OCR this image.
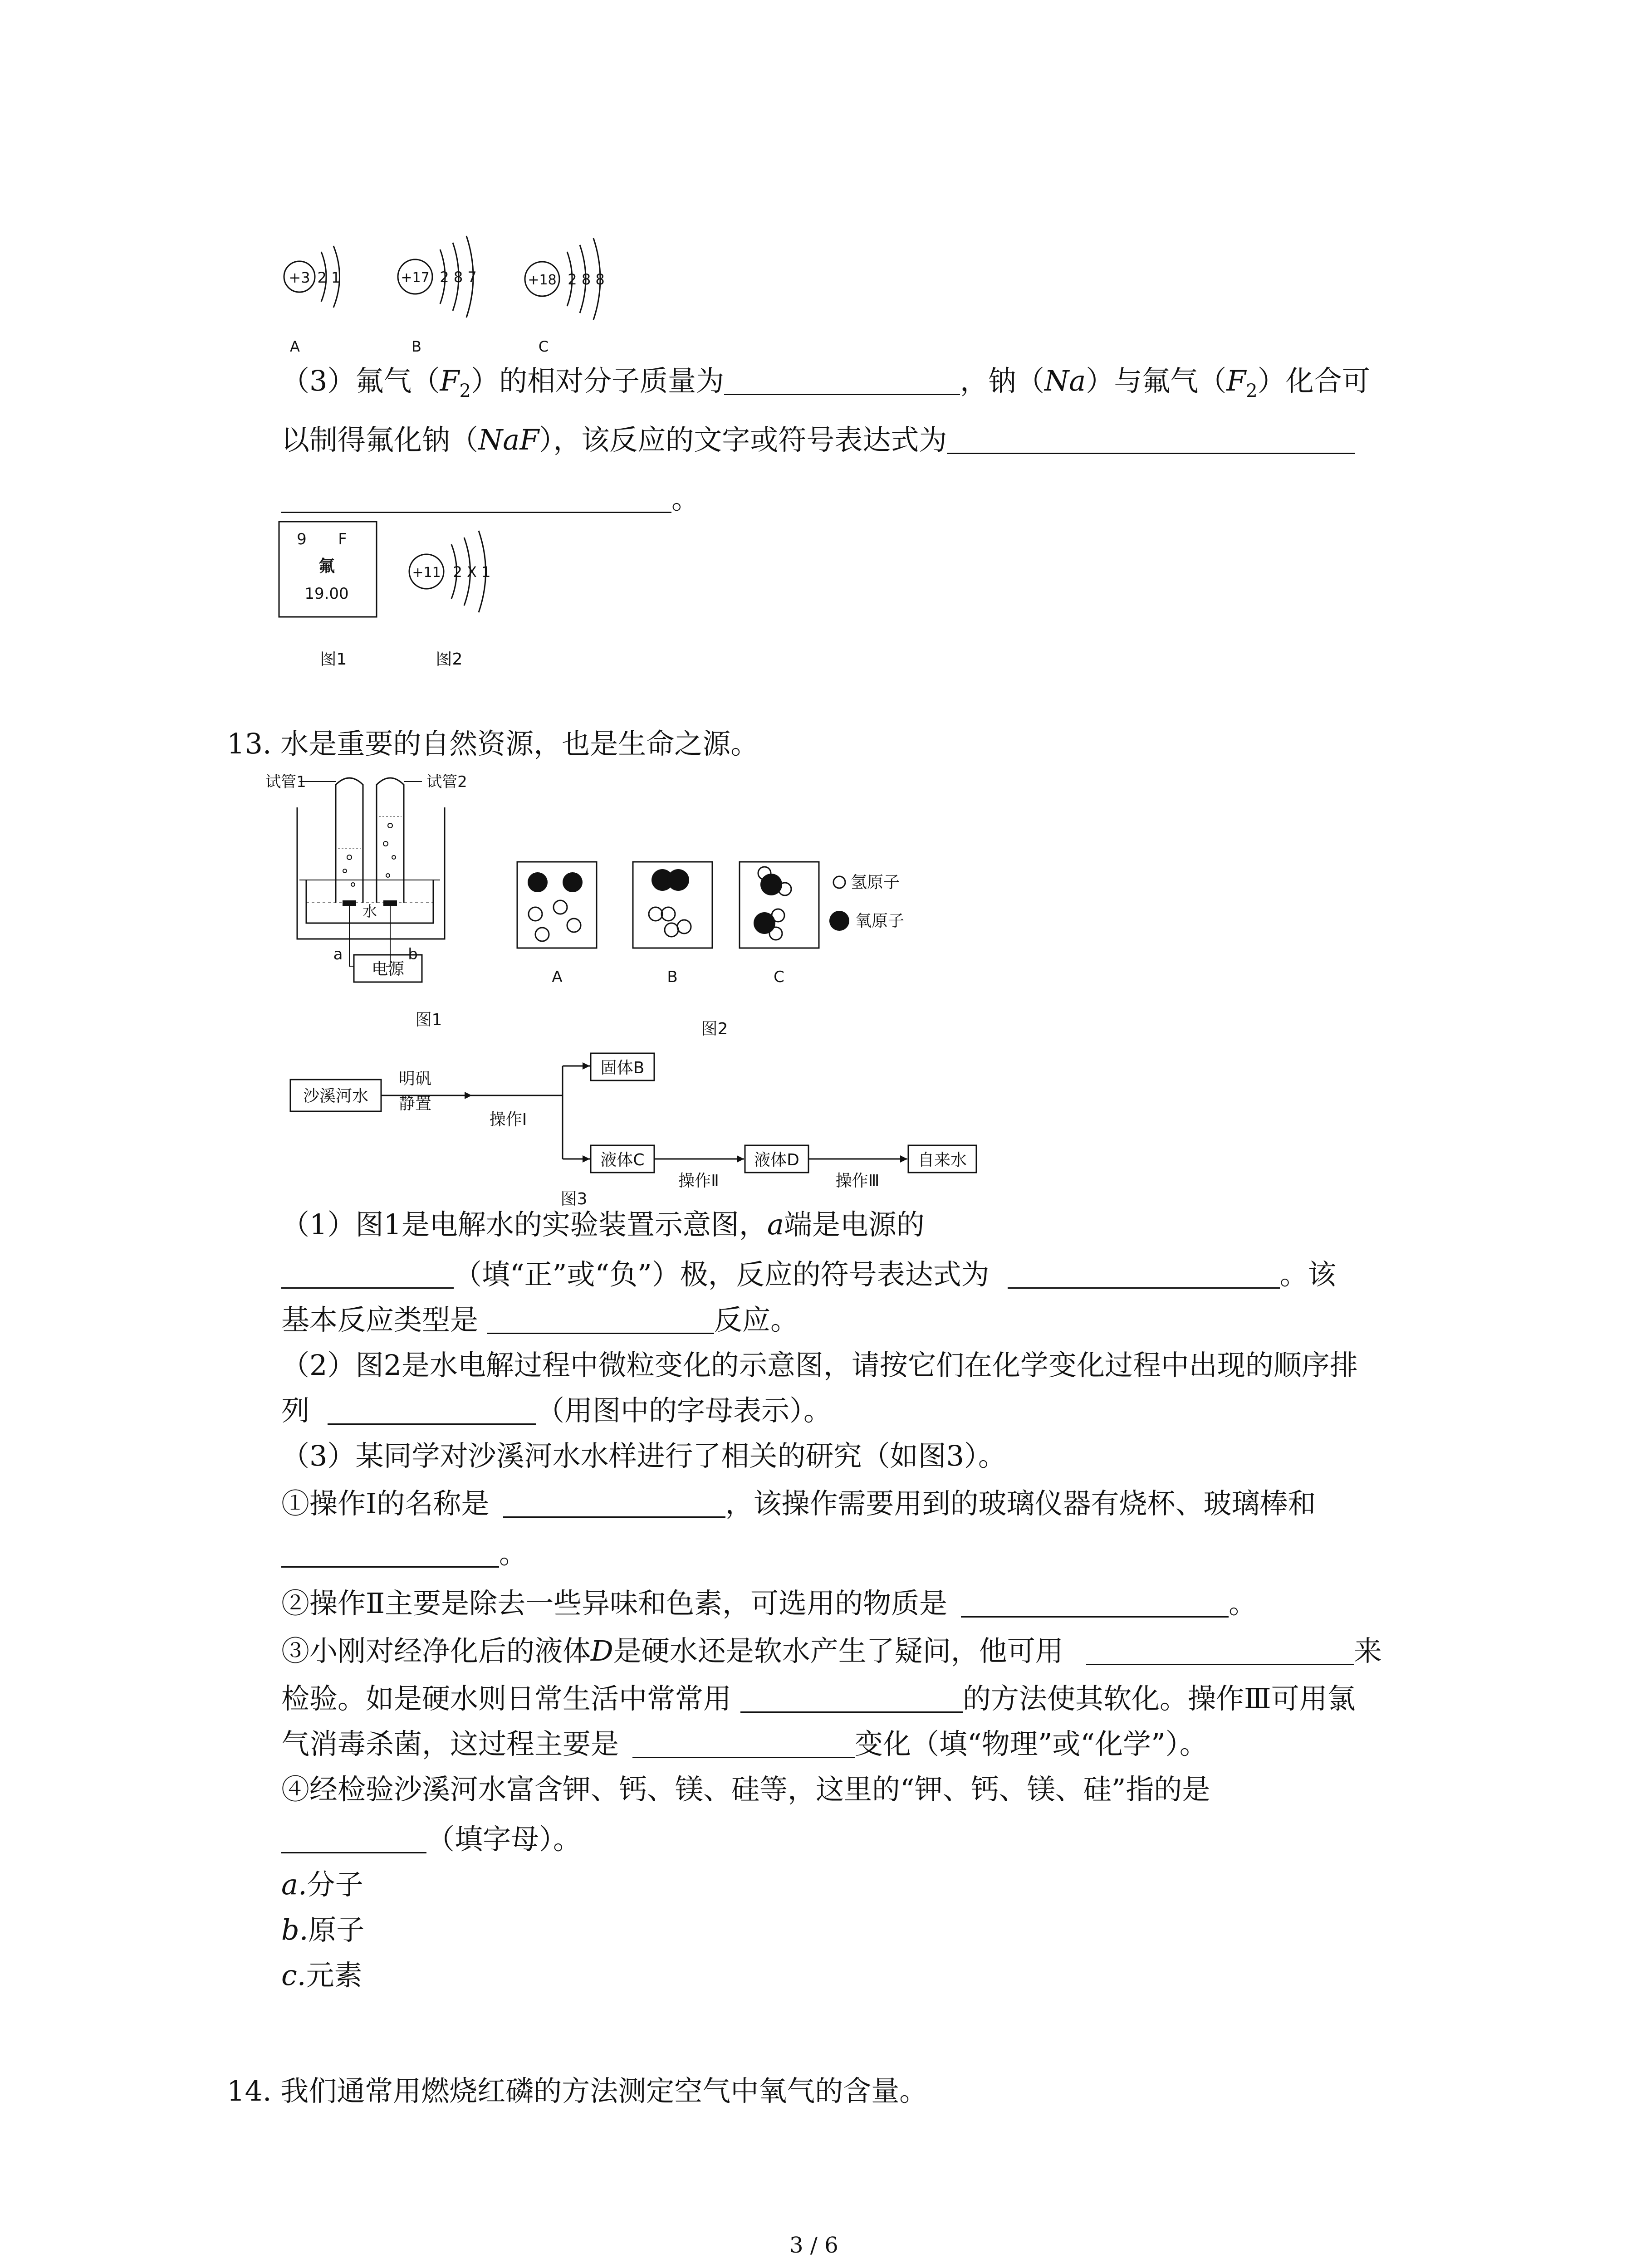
+3 2 1
A
+17 2 8 7
B
+18 2 8 8
C
（3）氟气$(F_2)$的相对分子质量为	，钠（Na）与氟气$(F_2)$化合可
以制得氟化钠（NaF），该反应的文字或符号表达式为
。
9 F
氟
19.00
+11 2 X 1
图1	图2
13. 水是重要的自然资源，也是生命之源。
试管1	试管2
水
a	b
电源
图1
A	B	C
氢原子
氧原子
图2
沙溪河水
明矾
静置
操作Ⅰ
固体B
液体C
操作Ⅱ
液体D
操作Ⅲ
自来水
图3
（1）图1是电解水的实验装置示意图，a端是电源的
（填“正”或“负”）极，反应的符号表达式为	。该
基本反应类型是	反应。
（2）图2是水电解过程中微粒变化的示意图，请按它们在化学变化过程中出现的顺序排
列	（用图中的字母表示）。
（3）某同学对沙溪河水水样进行了相关的研究（如图3）。
①操作Ⅰ的名称是	，该操作需要用到的玻璃仪器有烧杯、玻璃棒和
。
②操作Ⅱ主要是除去一些异味和色素，可选用的物质是	。
③小刚对经净化后的液体D是硬水还是软水产生了疑问，他可用	来
检验。如是硬水则日常生活中常常用	的方法使其软化。操作Ⅲ可用氯
气消毒杀菌，这过程主要是	变化（填“物理”或“化学”）。
④经检验沙溪河水富含钾、钙、镁、硅等，这里的“钾、钙、镁、硅”指的是
（填字母）。
a.分子
b.原子
c.元素
14. 我们通常用燃烧红磷的方法测定空气中氧气的含量。
3 / 6
